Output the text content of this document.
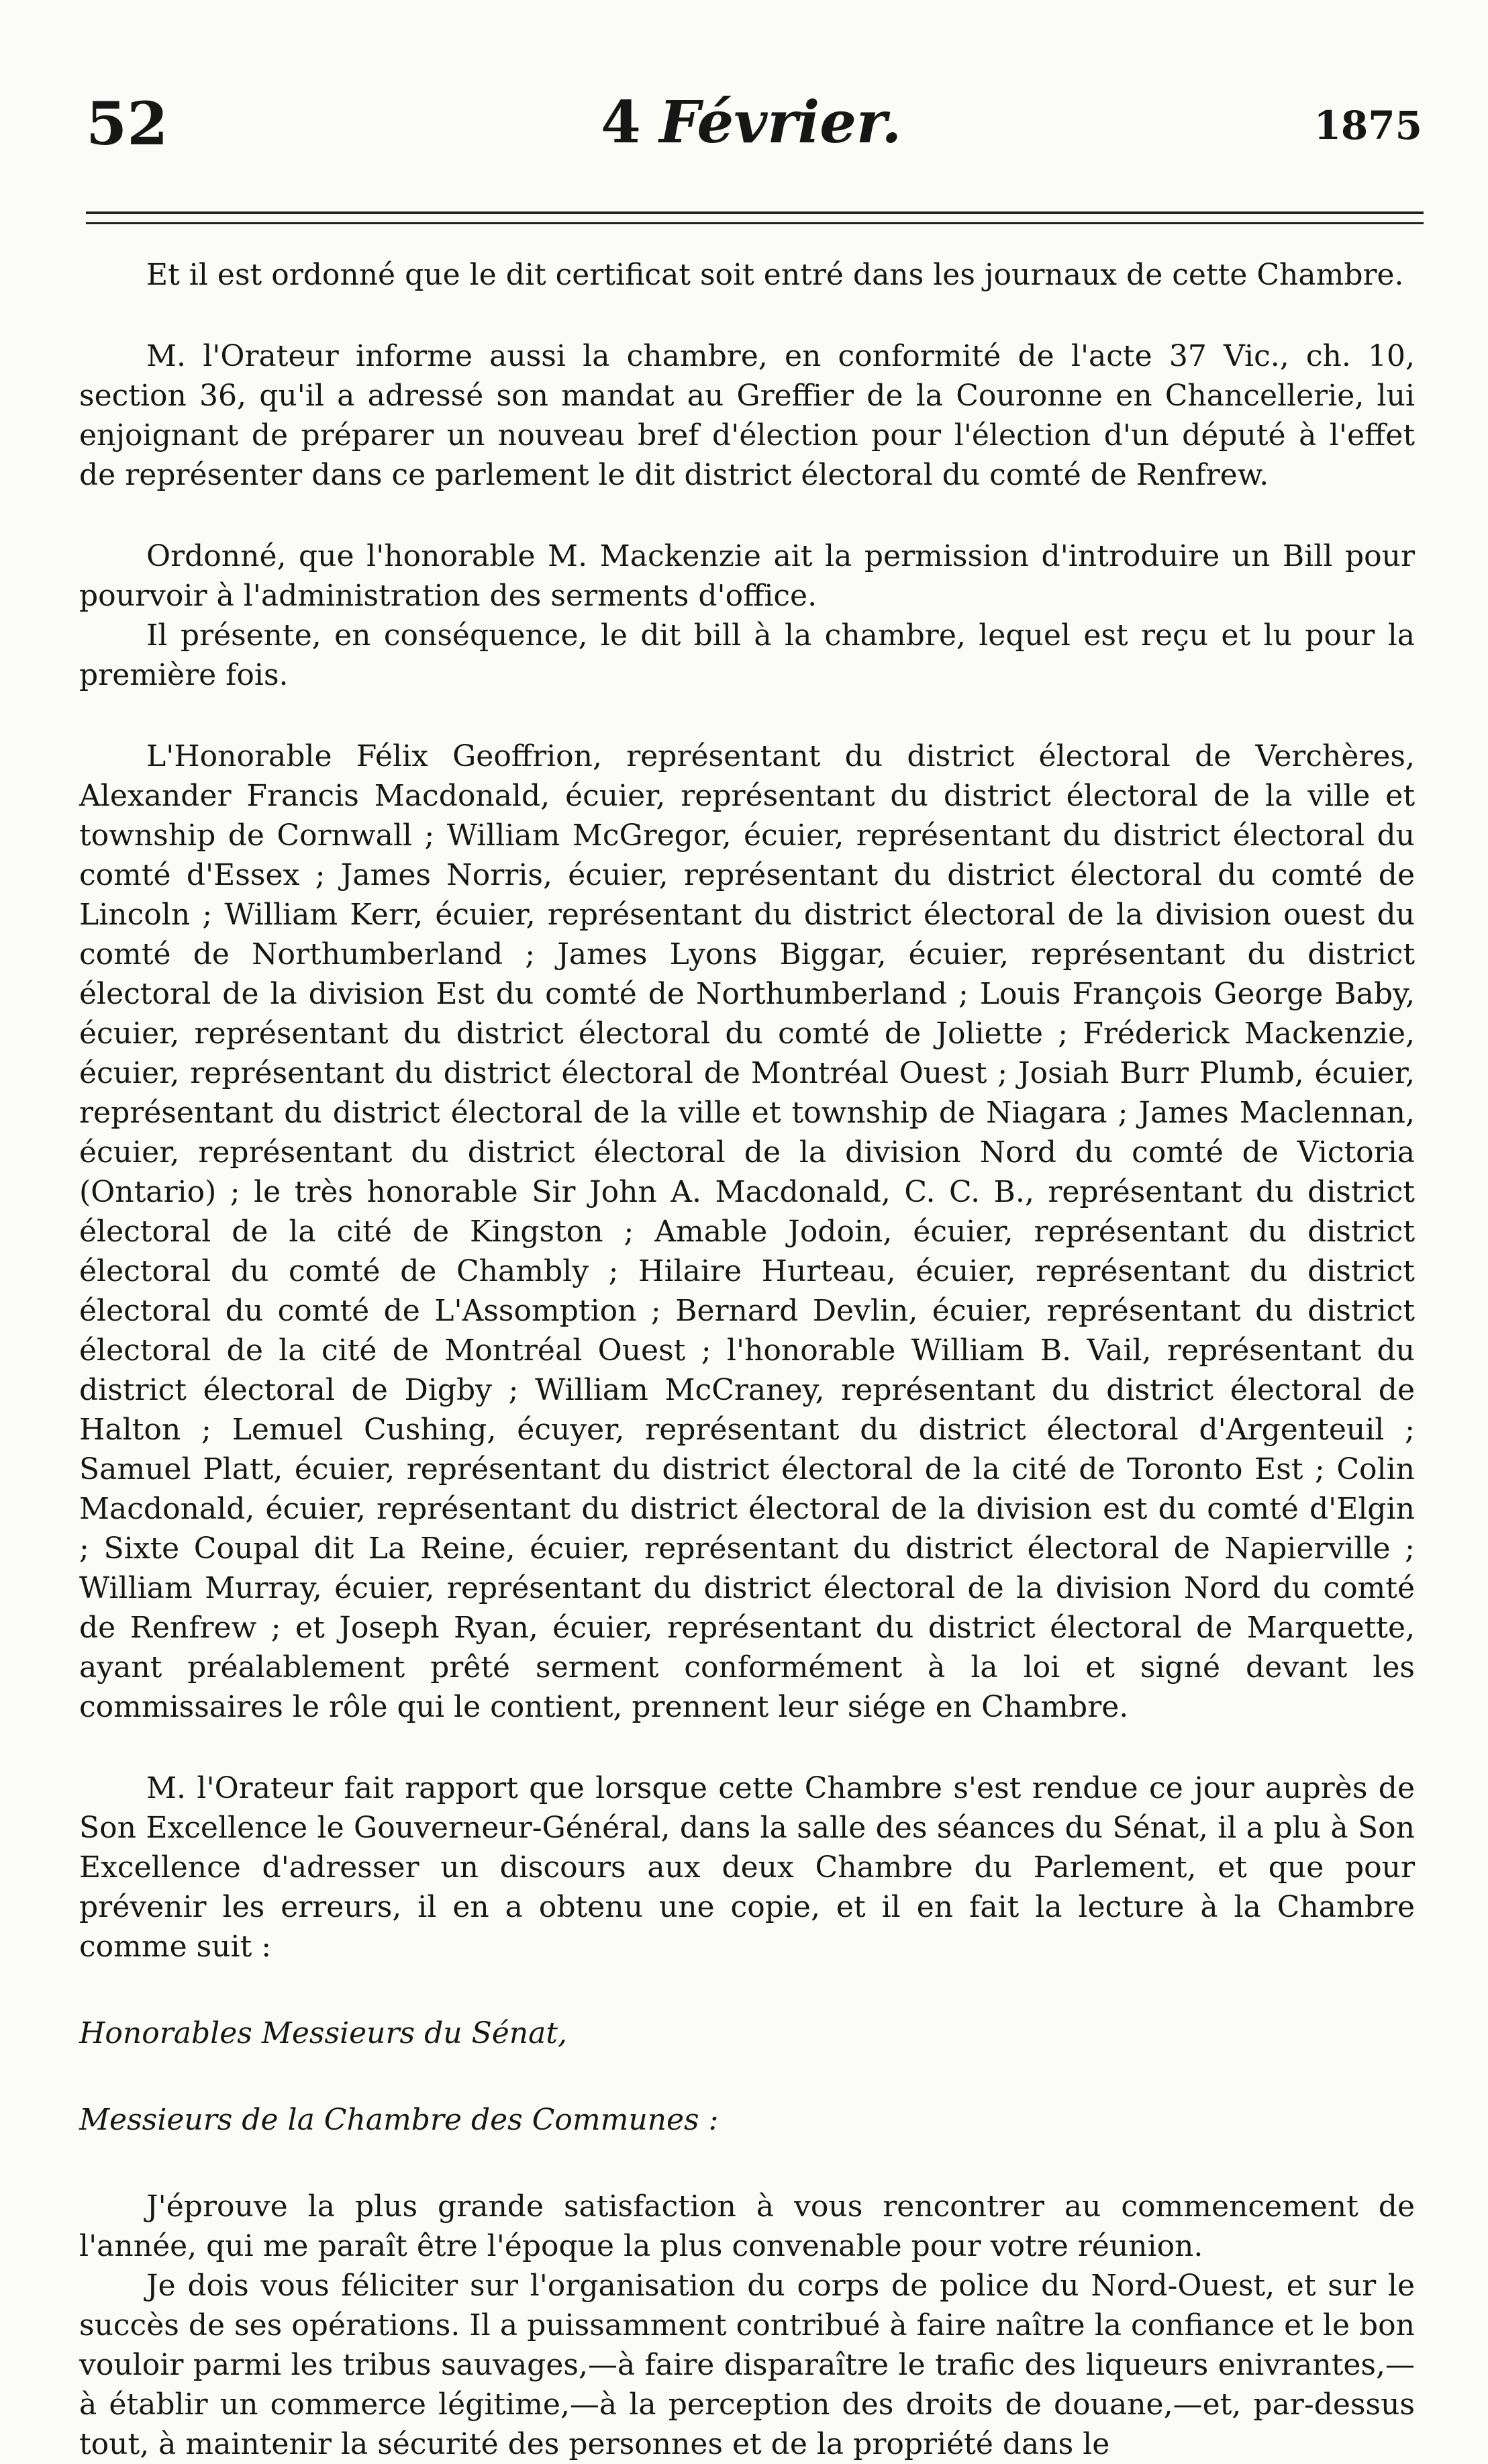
52	4 Février.	1875

Et il est ordonné que le dit certificat soit entré dans les journaux de cette Chambre.

M. l'Orateur informe aussi la chambre, en conformité de l'acte 37 Vic., ch. 10, section 36, qu'il a adressé son mandat au Greffier de la Couronne en Chancellerie, lui enjoignant de préparer un nouveau bref d'élection pour l'élection d'un député à l'effet de représenter dans ce parlement le dit district électoral du comté de Renfrew.

Ordonné, que l'honorable M. Mackenzie ait la permission d'introduire un Bill pour pourvoir à l'administration des serments d'office.

Il présente, en conséquence, le dit bill à la chambre, lequel est reçu et lu pour la première fois.

L'Honorable Félix Geoffrion, représentant du district électoral de Verchères, Alexander Francis Macdonald, écuier, représentant du district électoral de la ville et township de Cornwall ; William McGregor, écuier, représentant du district électoral du comté d'Essex ; James Norris, écuier, représentant du district électoral du comté de Lincoln ; William Kerr, écuier, représentant du district électoral de la division ouest du comté de Northumberland ; James Lyons Biggar, écuier, représentant du district électoral de la division Est du comté de Northumberland ; Louis François George Baby, écuier, représentant du district électoral du comté de Joliette ; Fréderick Mackenzie, écuier, représentant du district électoral de Montréal Ouest ; Josiah Burr Plumb, écuier, représentant du district électoral de la ville et township de Niagara ; James Maclennan, écuier, représentant du district électoral de la division Nord du comté de Victoria (Ontario) ; le très honorable Sir John A. Macdonald, C. C. B., représentant du district électoral de la cité de Kingston ; Amable Jodoin, écuier, représentant du district électoral du comté de Chambly ; Hilaire Hurteau, écuier, représentant du district électoral du comté de L'Assomption ; Bernard Devlin, écuier, représentant du district électoral de la cité de Montréal Ouest ; l'honorable William B. Vail, représentant du district électoral de Digby ; William McCraney, représentant du district électoral de Halton ; Lemuel Cushing, écuyer, représentant du district électoral d'Argenteuil ; Samuel Platt, écuier, représentant du district électoral de la cité de Toronto Est ; Colin Macdonald, écuier, représentant du district électoral de la division est du comté d'Elgin ; Sixte Coupal dit La Reine, écuier, représentant du district électoral de Napierville ; William Murray, écuier, représentant du district électoral de la division Nord du comté de Renfrew ; et Joseph Ryan, écuier, représentant du district électoral de Marquette, ayant préalablement prêté serment conformément à la loi et signé devant les commissaires le rôle qui le contient, prennent leur siége en Chambre.

M. l'Orateur fait rapport que lorsque cette Chambre s'est rendue ce jour auprès de Son Excellence le Gouverneur-Général, dans la salle des séances du Sénat, il a plu à Son Excellence d'adresser un discours aux deux Chambre du Parlement, et que pour prévenir les erreurs, il en a obtenu une copie, et il en fait la lecture à la Chambre comme suit :

Honorables Messieurs du Sénat,

Messieurs de la Chambre des Communes :

J'éprouve la plus grande satisfaction à vous rencontrer au commencement de l'année, qui me paraît être l'époque la plus convenable pour votre réunion.

Je dois vous féliciter sur l'organisation du corps de police du Nord-Ouest, et sur le succès de ses opérations. Il a puissamment contribué à faire naître la confiance et le bon vouloir parmi les tribus sauvages,—à faire disparaître le trafic des liqueurs enivrantes,—à établir un commerce légitime,—à la perception des droits de douane,—et, par-dessus tout, à maintenir la sécurité des personnes et de la propriété dans le
